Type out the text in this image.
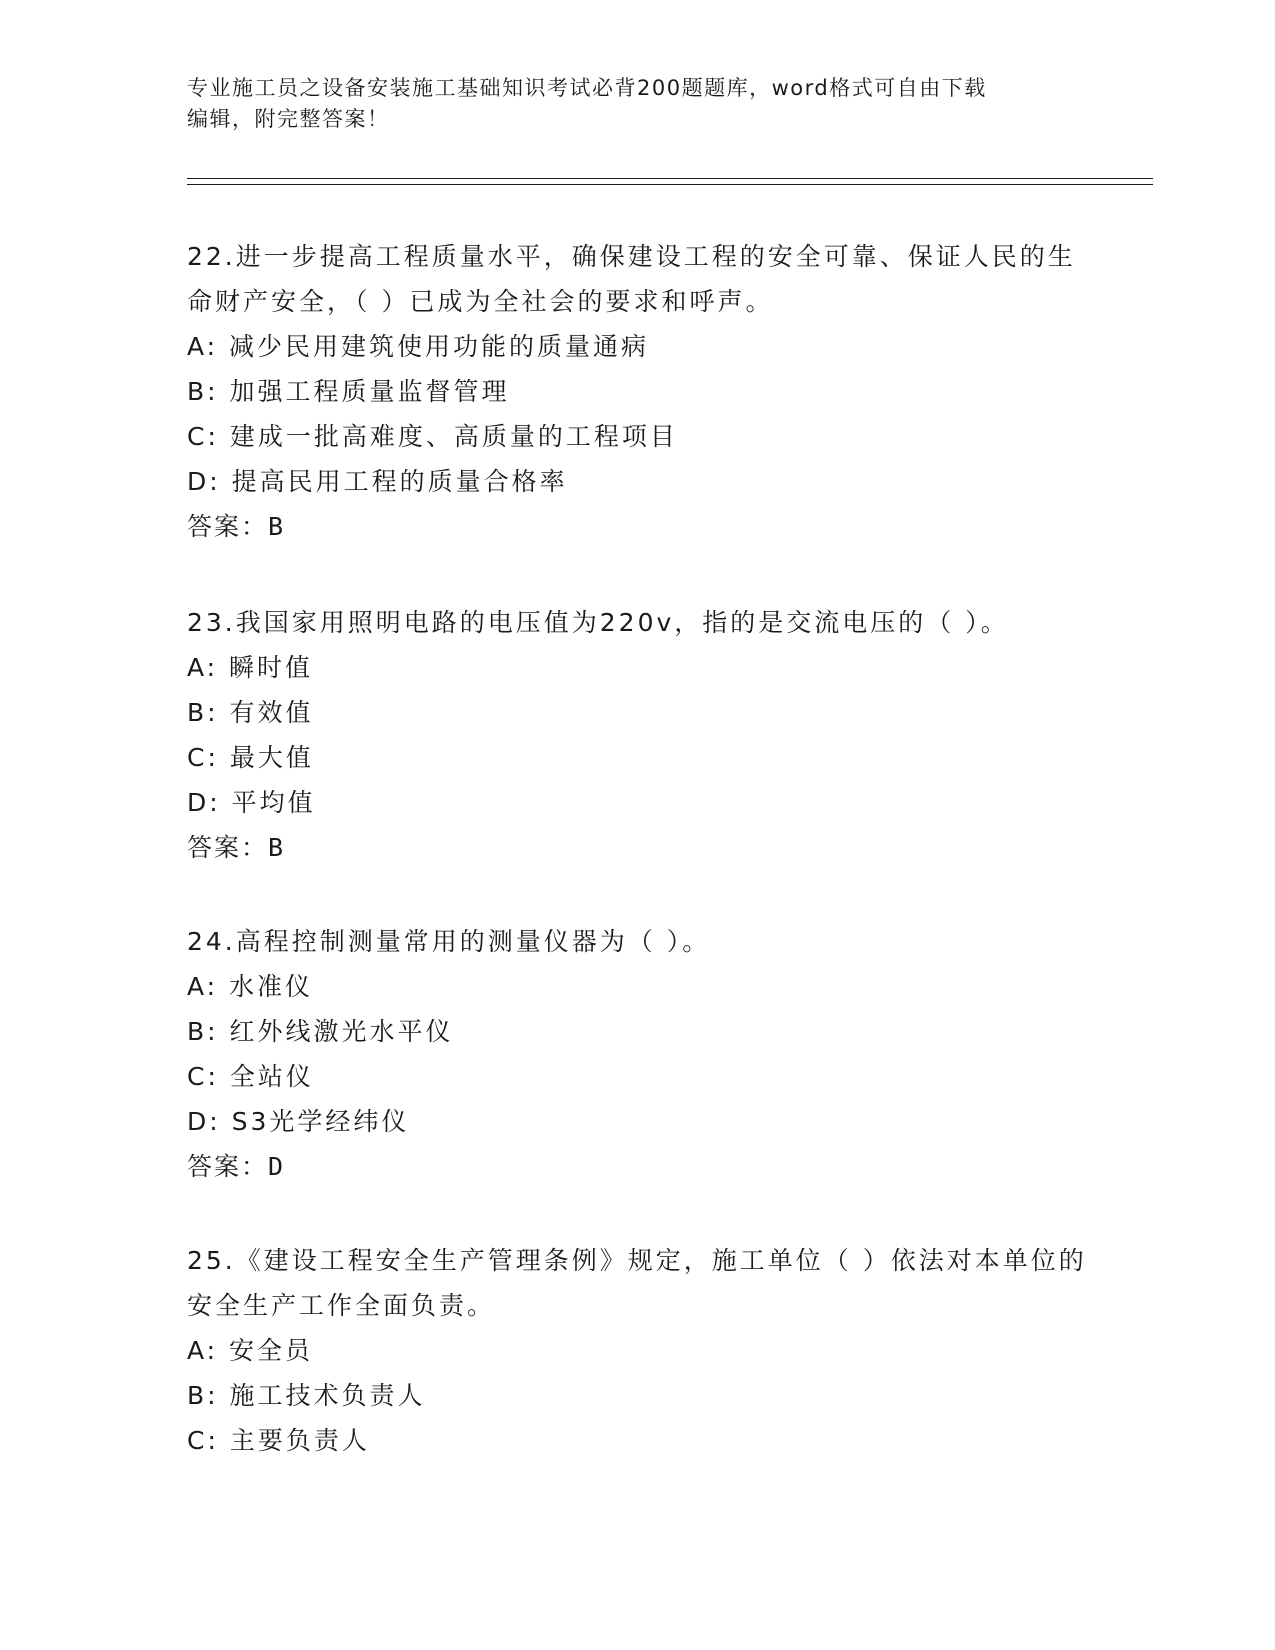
专业施工员之设备安装施工基础知识考试必背200题题库，word格式可自由下载
编辑，附完整答案！
22.进一步提高工程质量水平，确保建设工程的安全可靠、保证人民的生命财产安全，（ ）已成为全社会的要求和呼声。
A: 减少民用建筑使用功能的质量通病
B: 加强工程质量监督管理
C: 建成一批高难度、高质量的工程项目
D: 提高民用工程的质量合格率
答案：B
23.我国家用照明电路的电压值为220v，指的是交流电压的（ ）。
A: 瞬时值
B: 有效值
C: 最大值
D: 平均值
答案：B
24.高程控制测量常用的测量仪器为（ ）。
A: 水准仪
B: 红外线激光水平仪
C: 全站仪
D: S3光学经纬仪
答案：D
25.《建设工程安全生产管理条例》规定，施工单位（ ）依法对本单位的安全生产工作全面负责。
A: 安全员
B: 施工技术负责人
C: 主要负责人
